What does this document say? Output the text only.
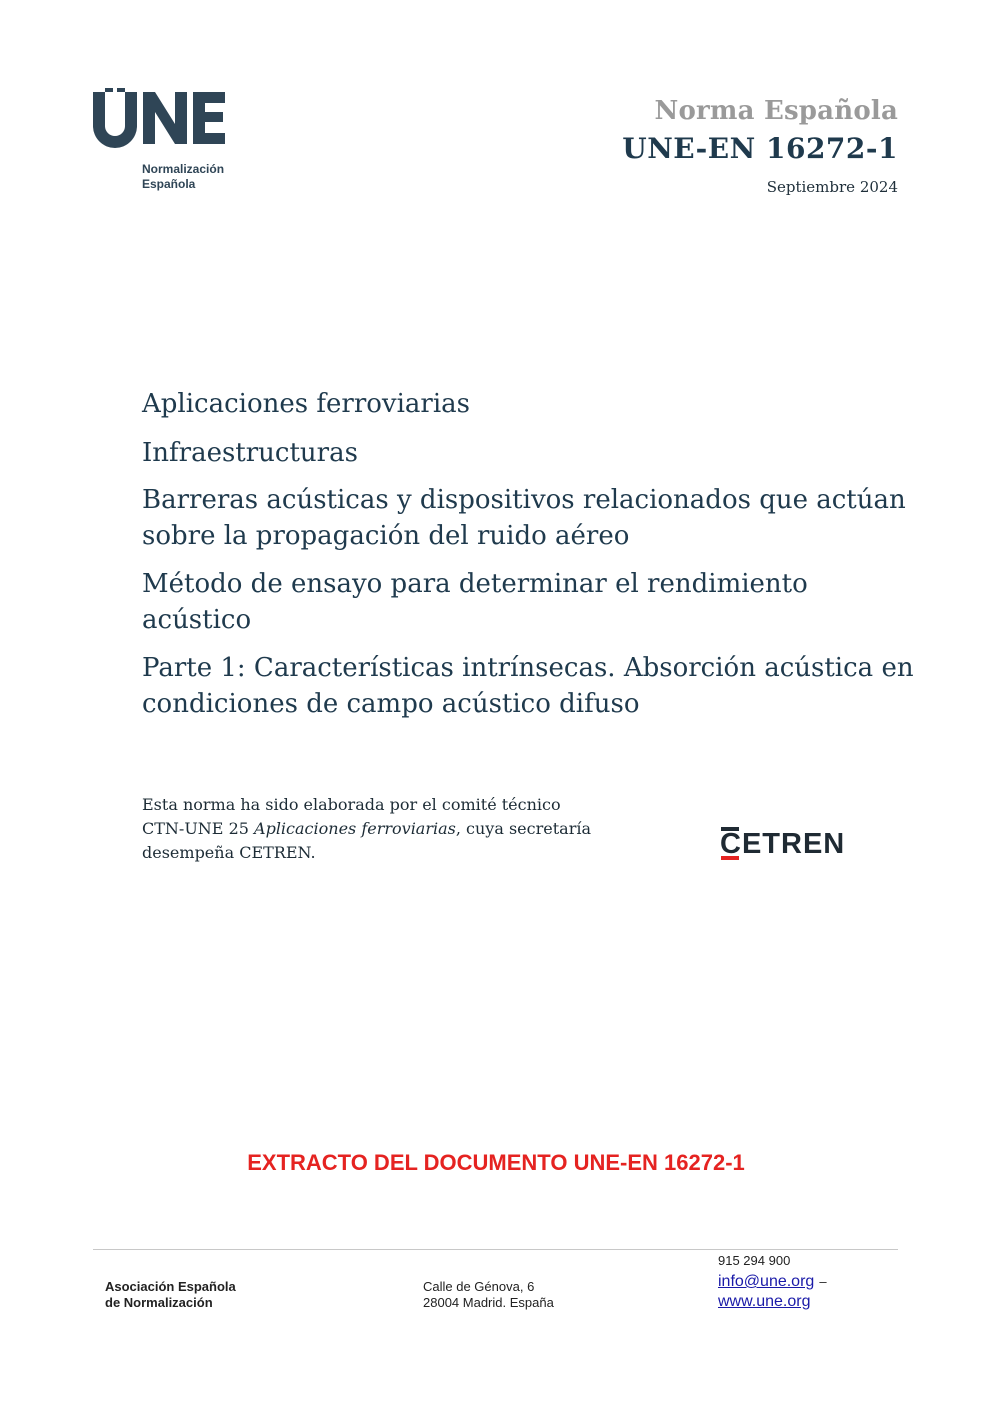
Normalización
Española
Norma Española
UNE-EN 16272-1
Septiembre 2024
Aplicaciones ferroviarias
Infraestructuras
Barreras acústicas y dispositivos relacionados que actúan
sobre la propagación del ruido aéreo
Método de ensayo para determinar el rendimiento
acústico
Parte 1: Características intrínsecas. Absorción acústica en
condiciones de campo acústico difuso
Esta norma ha sido elaborada por el comité técnico
CTN-UNE 25 Aplicaciones ferroviarias, cuya secretaría
desempeña CETREN.	CETREN
EXTRACTO DEL DOCUMENTO UNE-EN 16272-1
Asociación Española
de Normalización
Calle de Génova, 6
28004 Madrid. España
915 294 900
info@une.org –
www.une.org
